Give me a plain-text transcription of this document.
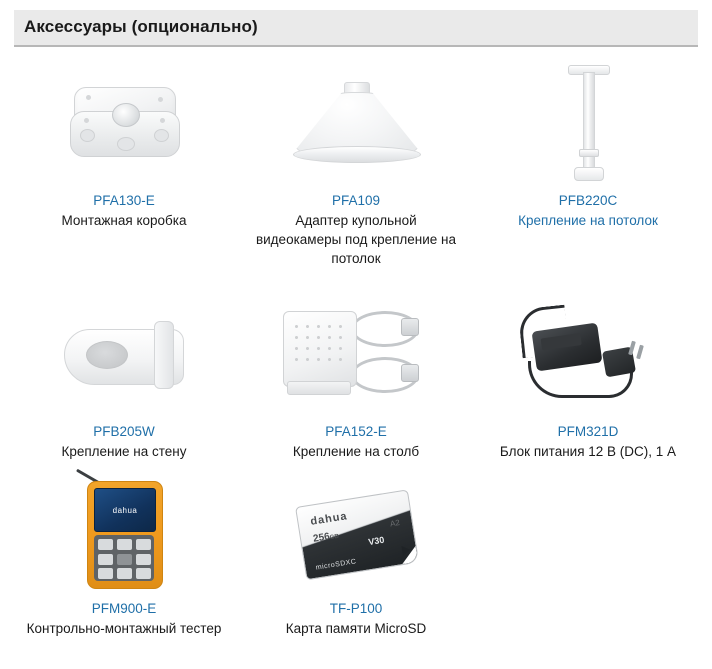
Аксессуары (опционально)
PFA130-E
Монтажная коробка
PFA109
Адаптер купольной видеокамеры под крепление на потолок
PFB220C
Крепление на потолок
PFB205W
Крепление на стену
PFA152-E
Крепление на столб
PFM321D
Блок питания 12 В (DC), 1 А
dahua
PFM900-E
Контрольно-монтажный тестер
dahua
256GB
A2
V30
microSDXC
TF-P100
Карта памяти MicroSD
